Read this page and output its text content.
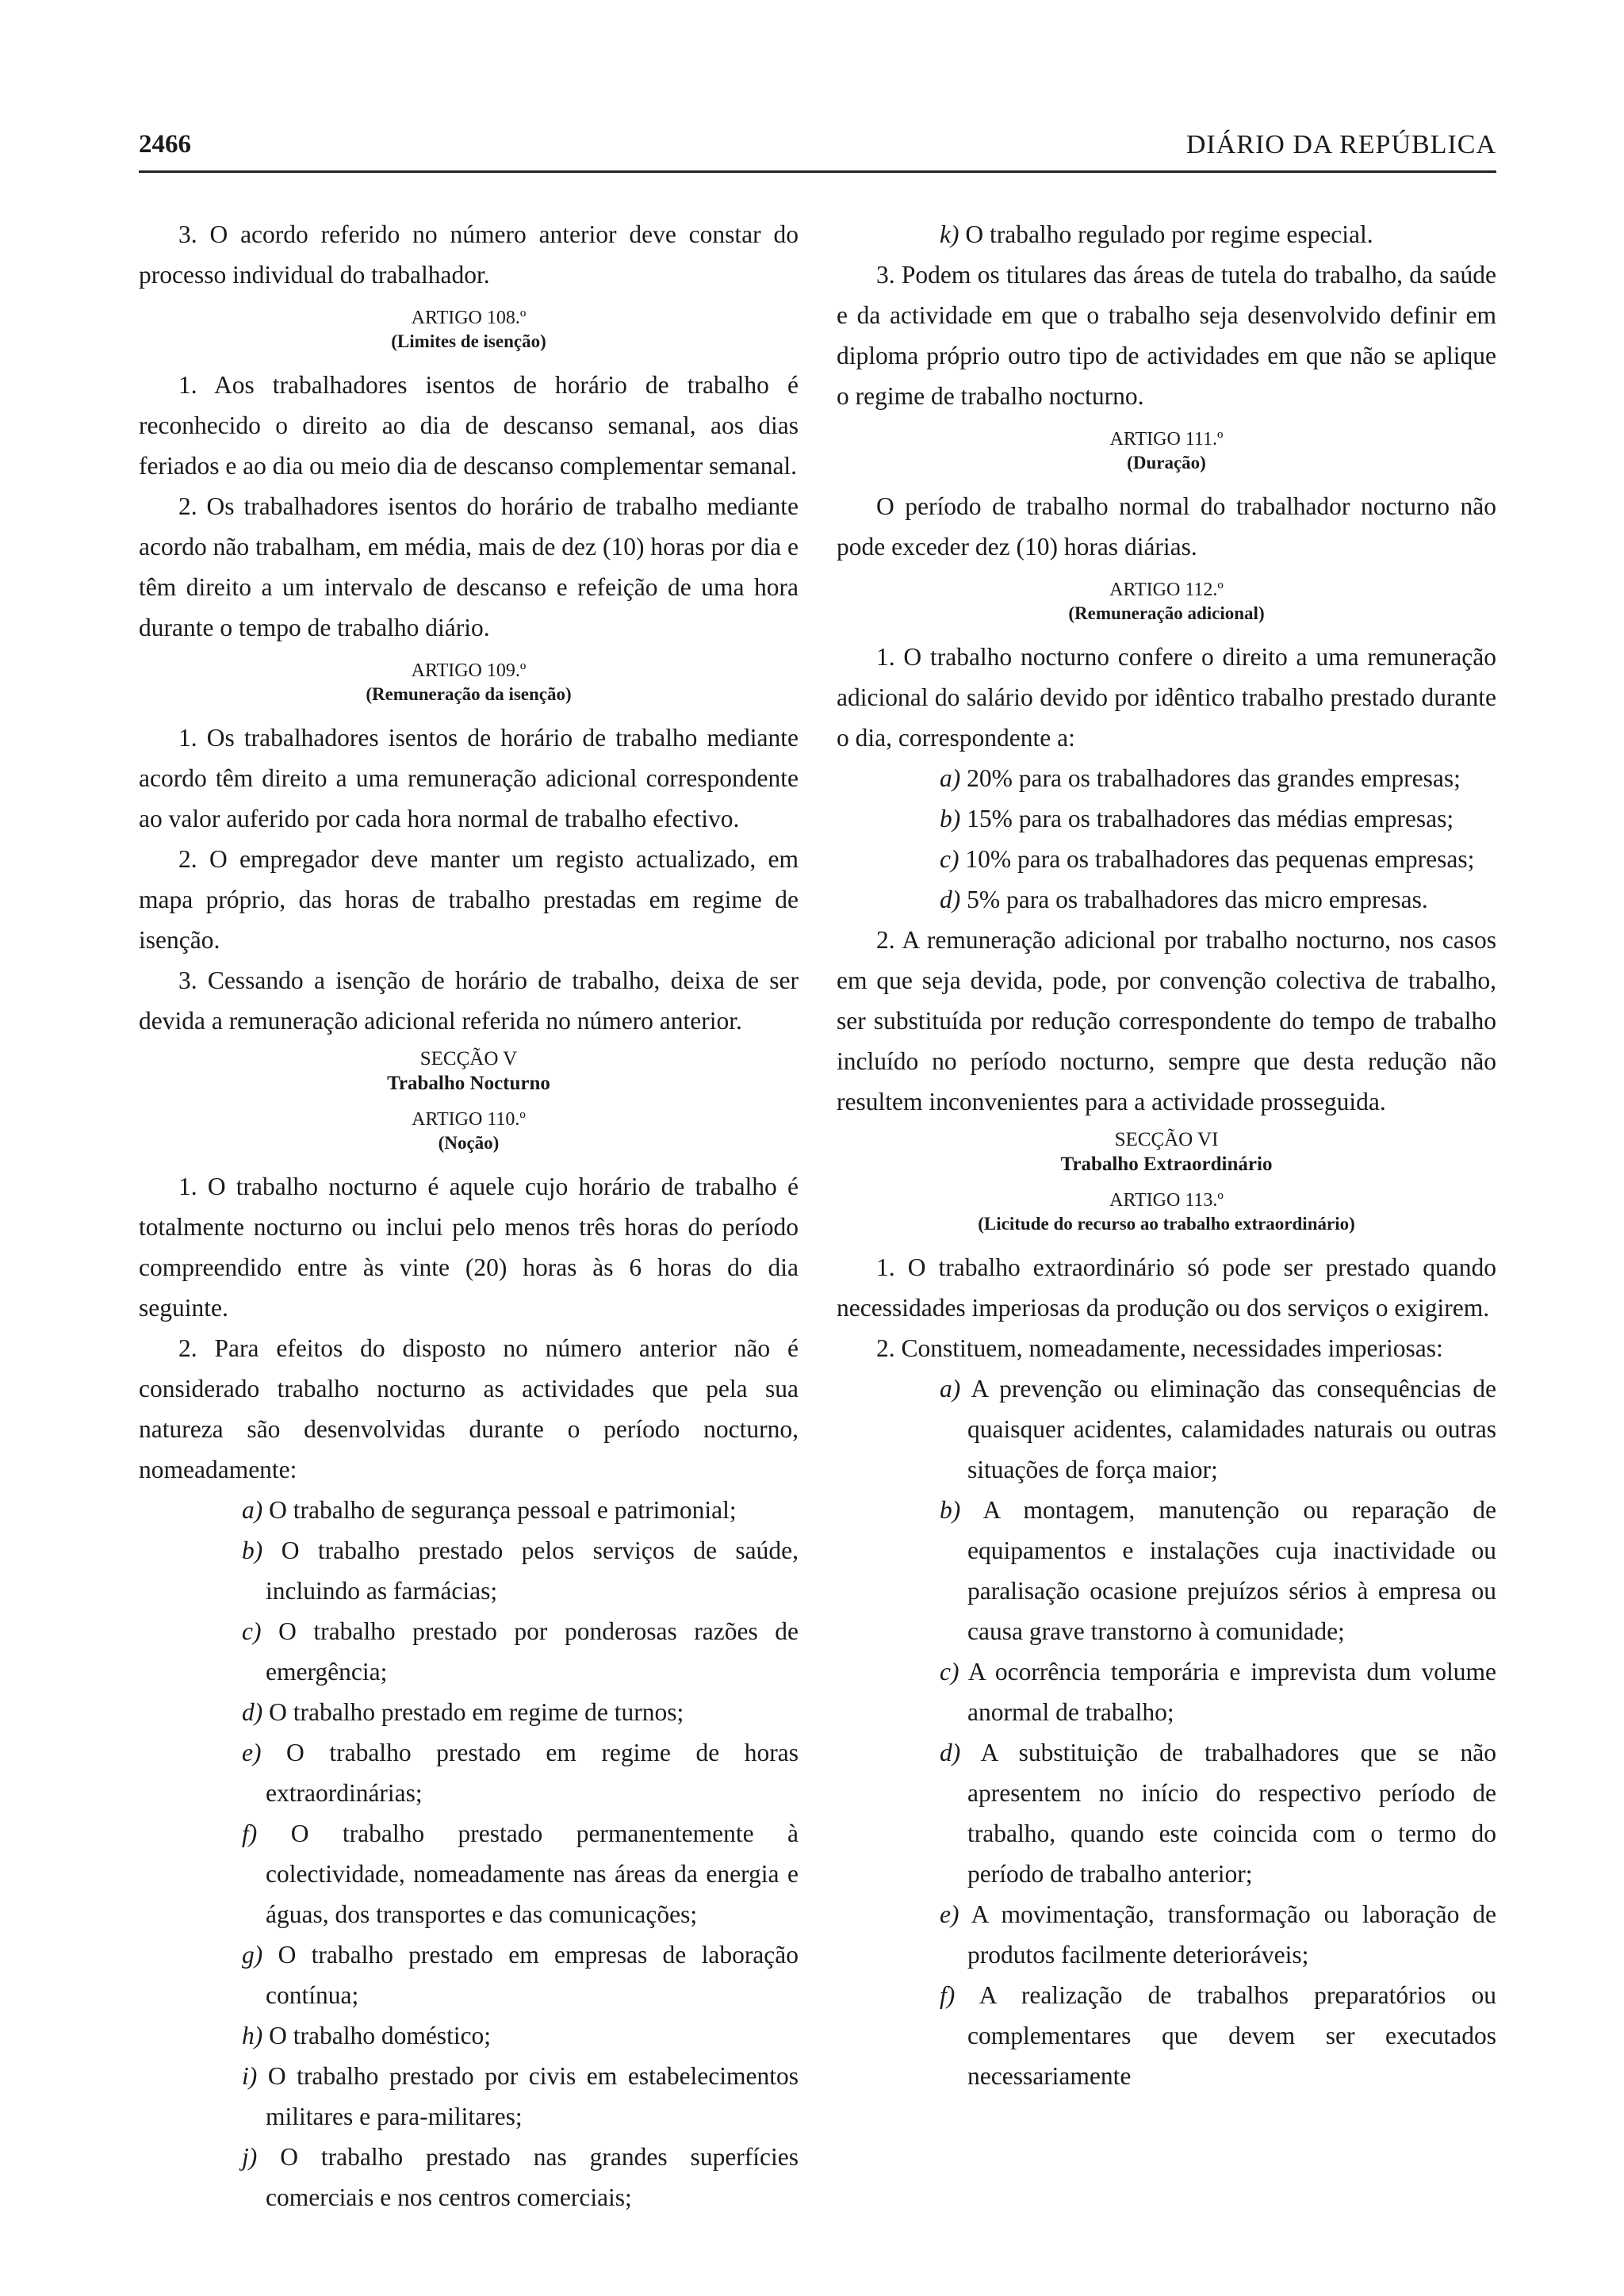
2466	DIÁRIO DA REPÚBLICA

3. O acordo referido no número anterior deve constar do processo individual do trabalhador.

ARTIGO 108.º
(Limites de isenção)

1. Aos trabalhadores isentos de horário de trabalho é reconhecido o direito ao dia de descanso semanal, aos dias feriados e ao dia ou meio dia de descanso complementar semanal.

2. Os trabalhadores isentos do horário de trabalho mediante acordo não trabalham, em média, mais de dez (10) horas por dia e têm direito a um intervalo de descanso e refeição de uma hora durante o tempo de trabalho diário.

ARTIGO 109.º
(Remuneração da isenção)

1. Os trabalhadores isentos de horário de trabalho mediante acordo têm direito a uma remuneração adicional correspondente ao valor auferido por cada hora normal de trabalho efectivo.

2. O empregador deve manter um registo actualizado, em mapa próprio, das horas de trabalho prestadas em regime de isenção.

3. Cessando a isenção de horário de trabalho, deixa de ser devida a remuneração adicional referida no número anterior.

SECÇÃO V
Trabalho Nocturno
ARTIGO 110.º
(Noção)

1. O trabalho nocturno é aquele cujo horário de trabalho é totalmente nocturno ou inclui pelo menos três horas do período compreendido entre às vinte (20) horas às 6 horas do dia seguinte.

2. Para efeitos do disposto no número anterior não é considerado trabalho nocturno as actividades que pela sua natureza são desenvolvidas durante o período nocturno, nomeadamente:

a) O trabalho de segurança pessoal e patrimonial;

b) O trabalho prestado pelos serviços de saúde, incluindo as farmácias;

c) O trabalho prestado por ponderosas razões de emergência;

d) O trabalho prestado em regime de turnos;

e) O trabalho prestado em regime de horas extraordinárias;

f) O trabalho prestado permanentemente à colectividade, nomeadamente nas áreas da energia e águas, dos transportes e das comunicações;

g) O trabalho prestado em empresas de laboração contínua;

h) O trabalho doméstico;

i) O trabalho prestado por civis em estabelecimentos militares e para-militares;

j) O trabalho prestado nas grandes superfícies comerciais e nos centros comerciais;

k) O trabalho regulado por regime especial.

3. Podem os titulares das áreas de tutela do trabalho, da saúde e da actividade em que o trabalho seja desenvolvido definir em diploma próprio outro tipo de actividades em que não se aplique o regime de trabalho nocturno.

ARTIGO 111.º
(Duração)

O período de trabalho normal do trabalhador nocturno não pode exceder dez (10) horas diárias.

ARTIGO 112.º
(Remuneração adicional)

1. O trabalho nocturno confere o direito a uma remuneração adicional do salário devido por idêntico trabalho prestado durante o dia, correspondente a:

a) 20% para os trabalhadores das grandes empresas;

b) 15% para os trabalhadores das médias empresas;

c) 10% para os trabalhadores das pequenas empresas;

d) 5% para os trabalhadores das micro empresas.

2. A remuneração adicional por trabalho nocturno, nos casos em que seja devida, pode, por convenção colectiva de trabalho, ser substituída por redução correspondente do tempo de trabalho incluído no período nocturno, sempre que desta redução não resultem inconvenientes para a actividade prosseguida.

SECÇÃO VI
Trabalho Extraordinário
ARTIGO 113.º
(Licitude do recurso ao trabalho extraordinário)

1. O trabalho extraordinário só pode ser prestado quando necessidades imperiosas da produção ou dos serviços o exigirem.

2. Constituem, nomeadamente, necessidades imperiosas:

a) A prevenção ou eliminação das consequências de quaisquer acidentes, calamidades naturais ou outras situações de força maior;

b) A montagem, manutenção ou reparação de equipamentos e instalações cuja inactividade ou paralisação ocasione prejuízos sérios à empresa ou causa grave transtorno à comunidade;

c) A ocorrência temporária e imprevista dum volume anormal de trabalho;

d) A substituição de trabalhadores que se não apresentem no início do respectivo período de trabalho, quando este coincida com o termo do período de trabalho anterior;

e) A movimentação, transformação ou laboração de produtos facilmente deterioráveis;

f) A realização de trabalhos preparatórios ou complementares que devem ser executados necessariamente
